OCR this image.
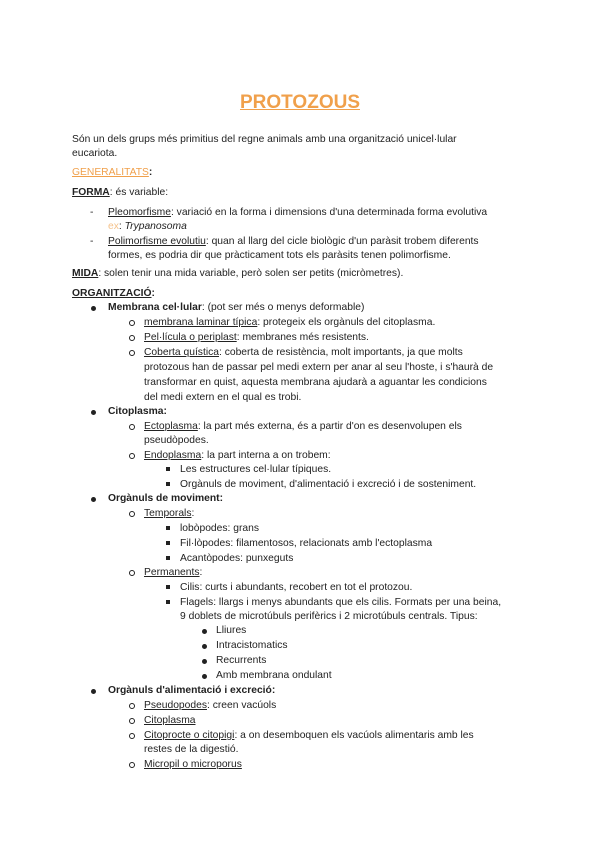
PROTOZOUS
Són un dels grups més primitius del regne animals amb una organització unicel·lular
eucariota.
GENERALITATS:
FORMA: és variable:
- Pleomorfisme: variació en la forma i dimensions d'una determinada forma evolutiva
ex: Trypanosoma
- Polimorfisme evolutiu: quan al llarg del cicle biològic d'un paràsit trobem diferents
formes, es podria dir que pràcticament tots els paràsits tenen polimorfisme.
MIDA: solen tenir una mida variable, però solen ser petits (micròmetres).
ORGANITZACIÓ:
Membrana cel·lular: (pot ser més o menys deformable)
membrana laminar típica: protegeix els orgànuls del citoplasma.
Pel·lícula o periplast: membranes més resistents.
Coberta quística: coberta de resistència, molt importants, ja que molts
protozous han de passar pel medi extern per anar al seu l'hoste, i s'haurà de
transformar en quist, aquesta membrana ajudarà a aguantar les condicions
del medi extern en el qual es trobi.
Citoplasma:
Ectoplasma: la part més externa, és a partir d'on es desenvolupen els
pseudòpodes.
Endoplasma: la part interna a on trobem:
Les estructures cel·lular típiques.
Orgànuls de moviment, d'alimentació i excreció i de sosteniment.
Orgànuls de moviment:
Temporals:
lobòpodes: grans
Fil·lòpodes: filamentosos, relacionats amb l'ectoplasma
Acantòpodes: punxeguts
Permanents:
Cilis: curts i abundants, recobert en tot el protozou.
Flagels: llargs i menys abundants que els cilis. Formats per una beina,
9 doblets de microtúbuls perifèrics i 2 microtúbuls centrals. Tipus:
Lliures
Intracistomatics
Recurrents
Amb membrana ondulant
Orgànuls d'alimentació i excreció:
Pseudopodes: creen vacúols
Citoplasma
Citoprocte o citopigi: a on desemboquen els vacúols alimentaris amb les
restes de la digestió.
Micropil o microporus
